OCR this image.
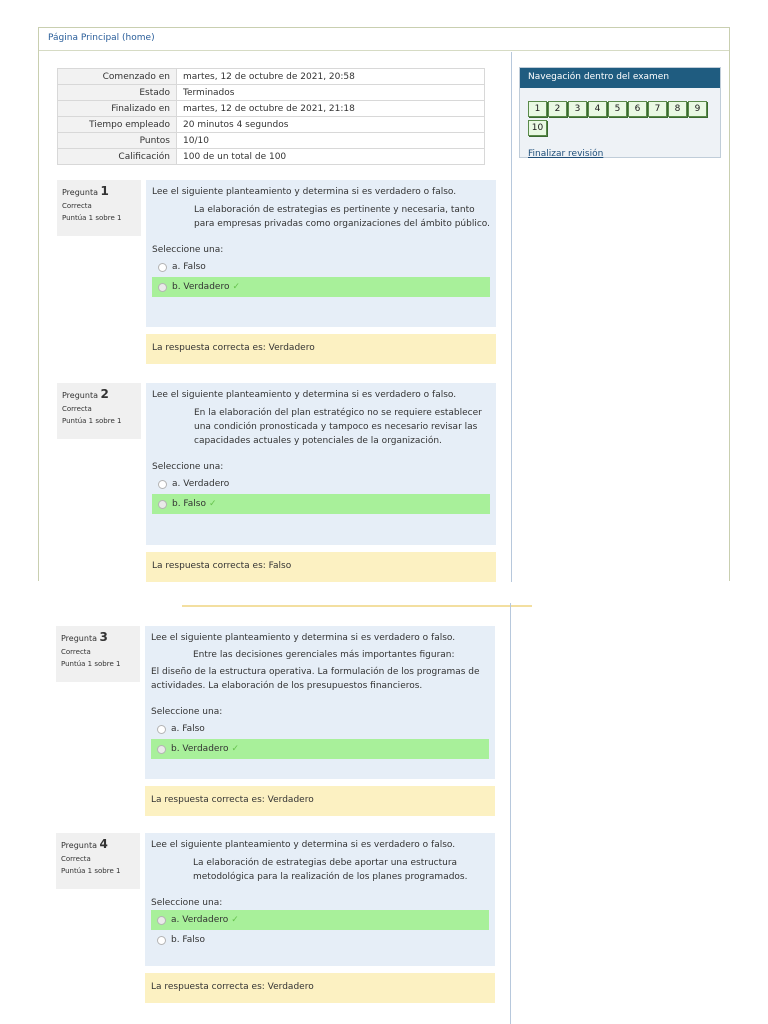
Página Principal (home)
Comenzado en	martes, 12 de octubre de 2021, 20:58
Estado	Terminados
Finalizado en	martes, 12 de octubre de 2021, 21:18
Tiempo empleado	20 minutos 4 segundos
Puntos	10/10
Calificación	100 de un total de 100
Navegación dentro del examen
1 2 3 4 5 6 7 8 910
Finalizar revisión
Pregunta 1
Correcta
Puntúa 1 sobre 1
Lee el siguiente planteamiento y determina si es verdadero o falso.
La elaboración de estrategias es pertinente y necesaria, tanto para empresas privadas como organizaciones del ámbito público.
Seleccione una:
a. Falso
b. Verdadero ✓
La respuesta correcta es: Verdadero
Pregunta 2
Correcta
Puntúa 1 sobre 1
Lee el siguiente planteamiento y determina si es verdadero o falso.
En la elaboración del plan estratégico no se requiere establecer una condición pronosticada y tampoco es necesario revisar las capacidades actuales y potenciales de la organización.
Seleccione una:
a. Verdadero
b. Falso ✓
La respuesta correcta es: Falso
Pregunta 3
Correcta
Puntúa 1 sobre 1
Lee el siguiente planteamiento y determina si es verdadero o falso.
Entre las decisiones gerenciales más importantes figuran:
El diseño de la estructura operativa. La formulación de los programas de actividades. La elaboración de los presupuestos financieros.
Seleccione una:
a. Falso
b. Verdadero ✓
La respuesta correcta es: Verdadero
Pregunta 4
Correcta
Puntúa 1 sobre 1
Lee el siguiente planteamiento y determina si es verdadero o falso.
La elaboración de estrategias debe aportar una estructura metodológica para la realización de los planes programados.
Seleccione una:
a. Verdadero ✓
b. Falso
La respuesta correcta es: Verdadero
